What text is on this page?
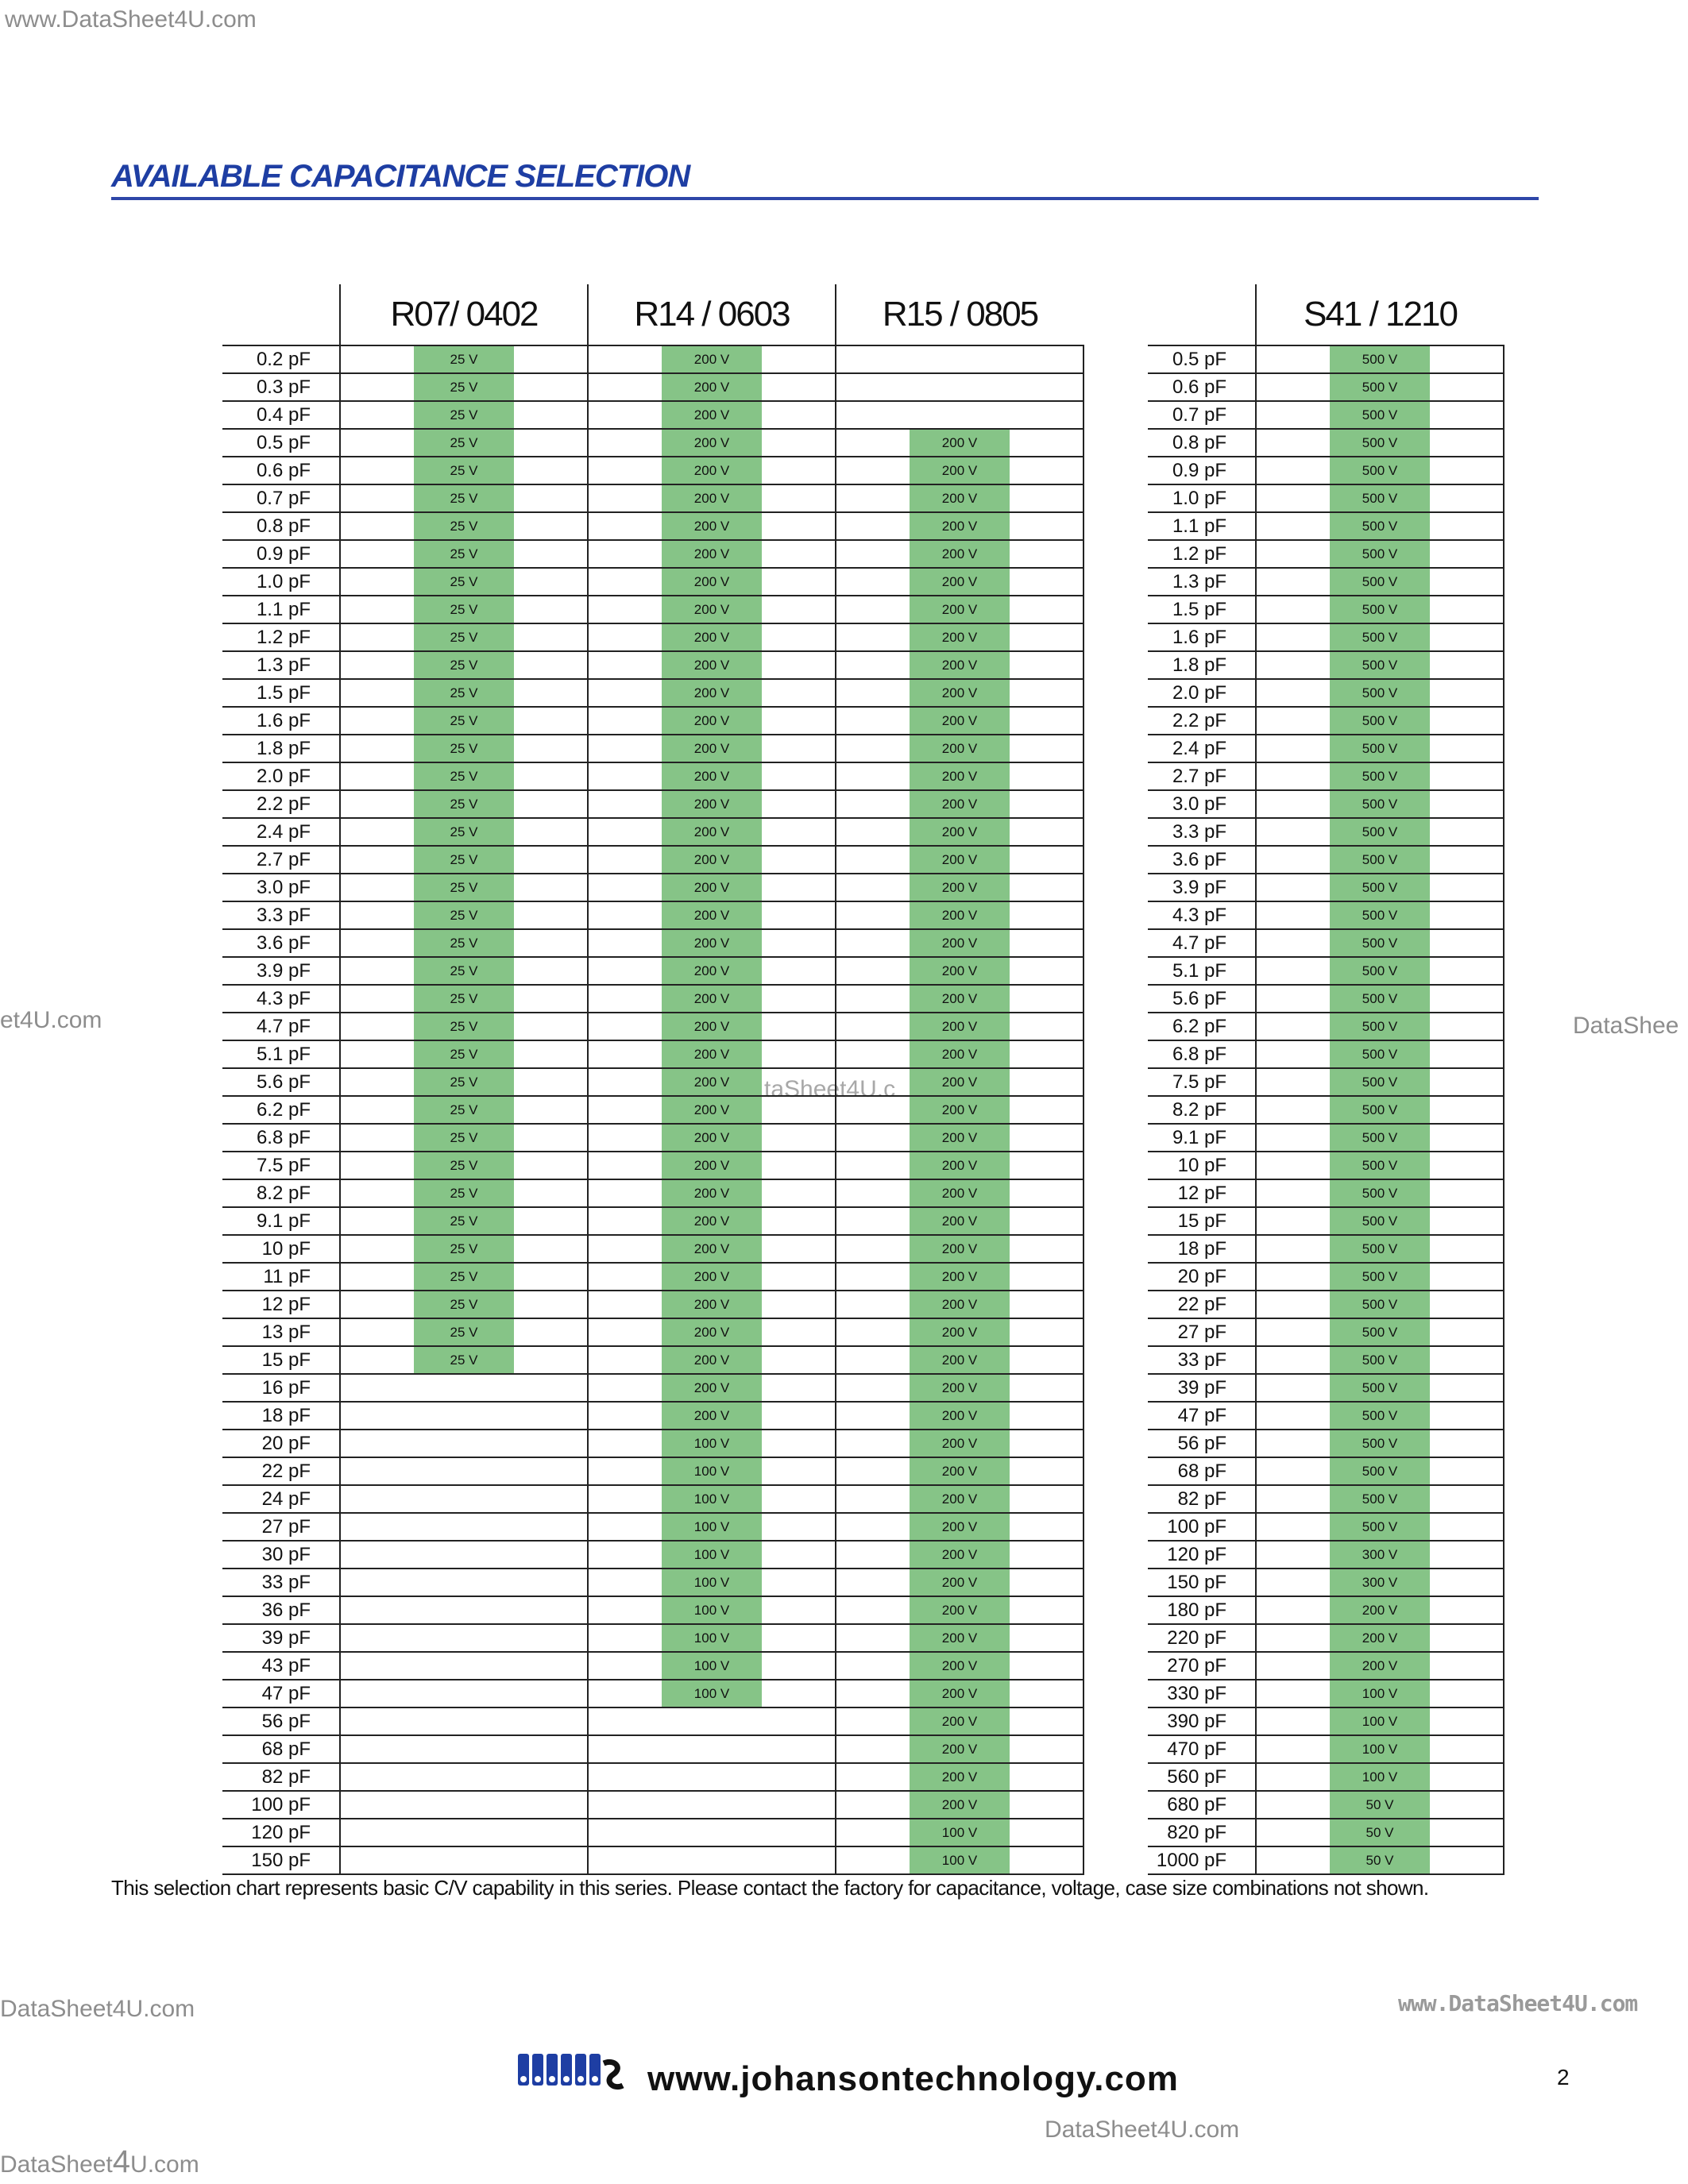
www.DataSheet4U.com
et4U.com	DataShee
taSheet4U.c
DataSheet4U.com	www.DataSheet4U.com
DataSheet4U.com
DataSheet4U.com
AVAILABLE CAPACITANCE SELECTION
	R07/ 0402	R14 / 0603	R15 / 0805
0.2 pF	25 V	200 V	

0.3 pF	25 V	200 V	

0.4 pF	25 V	200 V	

0.5 pF	25 V	200 V	200 V

0.6 pF	25 V	200 V	200 V

0.7 pF	25 V	200 V	200 V

0.8 pF	25 V	200 V	200 V

0.9 pF	25 V	200 V	200 V

1.0 pF	25 V	200 V	200 V

1.1 pF	25 V	200 V	200 V

1.2 pF	25 V	200 V	200 V

1.3 pF	25 V	200 V	200 V

1.5 pF	25 V	200 V	200 V

1.6 pF	25 V	200 V	200 V

1.8 pF	25 V	200 V	200 V

2.0 pF	25 V	200 V	200 V

2.2 pF	25 V	200 V	200 V

2.4 pF	25 V	200 V	200 V

2.7 pF	25 V	200 V	200 V

3.0 pF	25 V	200 V	200 V

3.3 pF	25 V	200 V	200 V

3.6 pF	25 V	200 V	200 V

3.9 pF	25 V	200 V	200 V

4.3 pF	25 V	200 V	200 V

4.7 pF	25 V	200 V	200 V

5.1 pF	25 V	200 V	200 V

5.6 pF	25 V	200 V	200 V

6.2 pF	25 V	200 V	200 V

6.8 pF	25 V	200 V	200 V

7.5 pF	25 V	200 V	200 V

8.2 pF	25 V	200 V	200 V

9.1 pF	25 V	200 V	200 V

10 pF	25 V	200 V	200 V

11 pF	25 V	200 V	200 V

12 pF	25 V	200 V	200 V

13 pF	25 V	200 V	200 V

15 pF	25 V	200 V	200 V

16 pF		200 V	200 V

18 pF		200 V	200 V

20 pF		100 V	200 V

22 pF		100 V	200 V

24 pF		100 V	200 V

27 pF		100 V	200 V

30 pF		100 V	200 V

33 pF		100 V	200 V

36 pF		100 V	200 V

39 pF		100 V	200 V

43 pF		100 V	200 V

47 pF		100 V	200 V

56 pF			200 V

68 pF			200 V

82 pF			200 V

100 pF			200 V

120 pF			100 V

150 pF			100 V
	S41 / 1210
0.5 pF	500 V

0.6 pF	500 V

0.7 pF	500 V

0.8 pF	500 V

0.9 pF	500 V

1.0 pF	500 V

1.1 pF	500 V

1.2 pF	500 V

1.3 pF	500 V

1.5 pF	500 V

1.6 pF	500 V

1.8 pF	500 V

2.0 pF	500 V

2.2 pF	500 V

2.4 pF	500 V

2.7 pF	500 V

3.0 pF	500 V

3.3 pF	500 V

3.6 pF	500 V

3.9 pF	500 V

4.3 pF	500 V

4.7 pF	500 V

5.1 pF	500 V

5.6 pF	500 V

6.2 pF	500 V

6.8 pF	500 V

7.5 pF	500 V

8.2 pF	500 V

9.1 pF	500 V

10 pF	500 V

12 pF	500 V

15 pF	500 V

18 pF	500 V

20 pF	500 V

22 pF	500 V

27 pF	500 V

33 pF	500 V

39 pF	500 V

47 pF	500 V

56 pF	500 V

68 pF	500 V

82 pF	500 V

100 pF	500 V

120 pF	300 V

150 pF	300 V

180 pF	200 V

220 pF	200 V

270 pF	200 V

330 pF	100 V

390 pF	100 V

470 pF	100 V

560 pF	100 V

680 pF	50 V

820 pF	50 V

1000 pF	50 V
This selection chart represents basic C/V capability in this series. Please contact the factory for capacitance, voltage, case size combinations not shown.
www.johansontechnology.com	2
